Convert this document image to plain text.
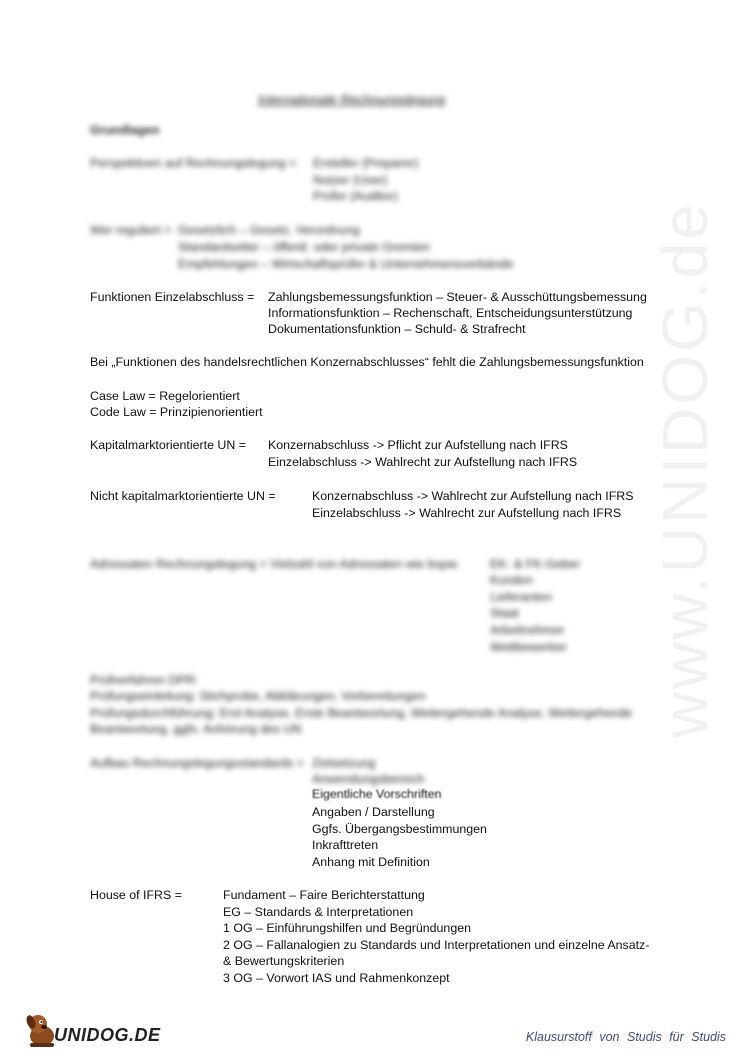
www.UNIDOG.de
Internationale Rechnungslegung
Grundlagen
Perspektiven auf Rechnungslegung = Ersteller (Preparer)
Nutzer (User)
Prüfer (Auditor)
Wer reguliert = Gesetzlich – Gesetz, Verordnung
Standardsetter – öffentl. oder private Gremien
Empfehlungen – Wirtschaftsprüfer & Unternehmensverbände
Funktionen Einzelabschluss = Zahlungsbemessungsfunktion – Steuer- & Ausschüttungsbemessung
Informationsfunktion – Rechenschaft, Entscheidungsunterstützung
Dokumentationsfunktion – Schuld- & Strafrecht
Bei „Funktionen des handelsrechtlichen Konzernabschlusses“ fehlt die Zahlungsbemessungsfunktion
Case Law = Regelorientiert
Code Law = Prinzipienorientiert
Kapitalmarktorientierte UN = Konzernabschluss -> Pflicht zur Aufstellung nach IFRS
Einzelabschluss -> Wahlrecht zur Aufstellung nach IFRS
Nicht kapitalmarktorientierte UN =	Konzernabschluss -> Wahlrecht zur Aufstellung nach IFRS
Einzelabschluss -> Wahlrecht zur Aufstellung nach IFRS
Adressaten Rechnungslegung = Vielzahl von Adressaten wie bspw. EK- & FK-Geber
Kunden
Lieferanten
Staat
Arbeitnehmer
Wettbewerber
Prüfverfahren DPR:
Prüfungseinleitung: Stichprobe, Abklärungen, Vorbereitungen
Prüfungsdurchführung: Erst Analyse, Erste Beantwortung, Weitergehende Analyse, Weitergehende
Beantwortung, ggfs. Anhörung des UN
Aufbau Rechnungslegungsstandards = Zielsetzung
Anwendungsbereich
Eigentliche Vorschriften
Angaben / Darstellung
Ggfs. Übergangsbestimmungen
Inkrafttreten
Anhang mit Definition
House of IFRS =	Fundament – Faire Berichterstattung
EG – Standards & Interpretationen
1 OG – Einführungshilfen und Begründungen
2 OG – Fallanalogien zu Standards und Interpretationen und einzelne Ansatz-
& Bewertungskriterien
3 OG – Vorwort IAS und Rahmenkonzept
UNIDOG.DE	Klausurstoff von Studis für Studis
